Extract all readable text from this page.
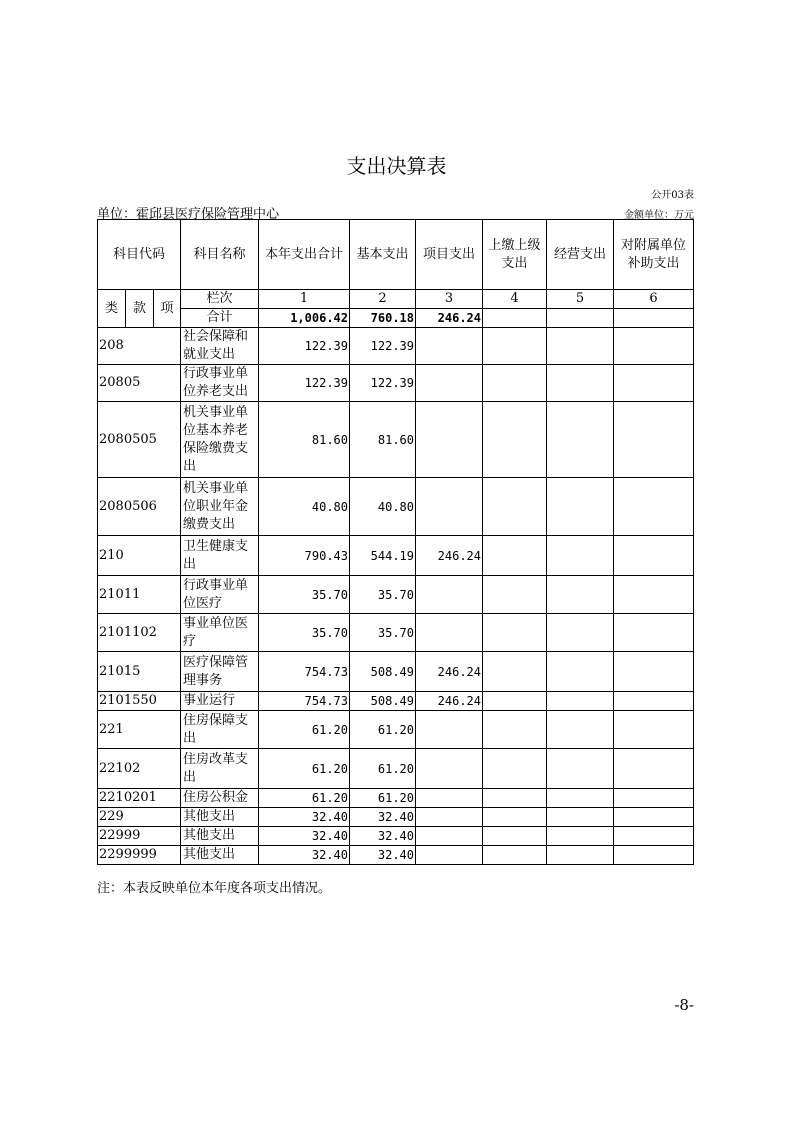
支出决算表
公开03表
单位：霍邱县医疗保险管理中心	金额单位：万元
科目代码			科目名称	本年支出合计	基本支出	项目支出	上缴上级支出	经营支出	对附属单位补助支出
类	款	项	栏次	1	2	3	4	5	6
			合计	1,006.42	760.18	246.24			
208			社会保障和就业支出	122.39	122.39				
20805			行政事业单位养老支出	122.39	122.39				
2080505			机关事业单位基本养老保险缴费支出	81.60	81.60				
2080506			机关事业单位职业年金缴费支出	40.80	40.80				
210			卫生健康支出	790.43	544.19	246.24			
21011			行政事业单位医疗	35.70	35.70				
2101102			事业单位医疗	35.70	35.70				
21015			医疗保障管理事务	754.73	508.49	246.24			
2101550			事业运行	754.73	508.49	246.24			
221			住房保障支出	61.20	61.20				
22102			住房改革支出	61.20	61.20				
2210201			住房公积金	61.20	61.20				
229			其他支出	32.40	32.40				
22999			其他支出	32.40	32.40				
2299999			其他支出	32.40	32.40				
注：本表反映单位本年度各项支出情况。
-8-
